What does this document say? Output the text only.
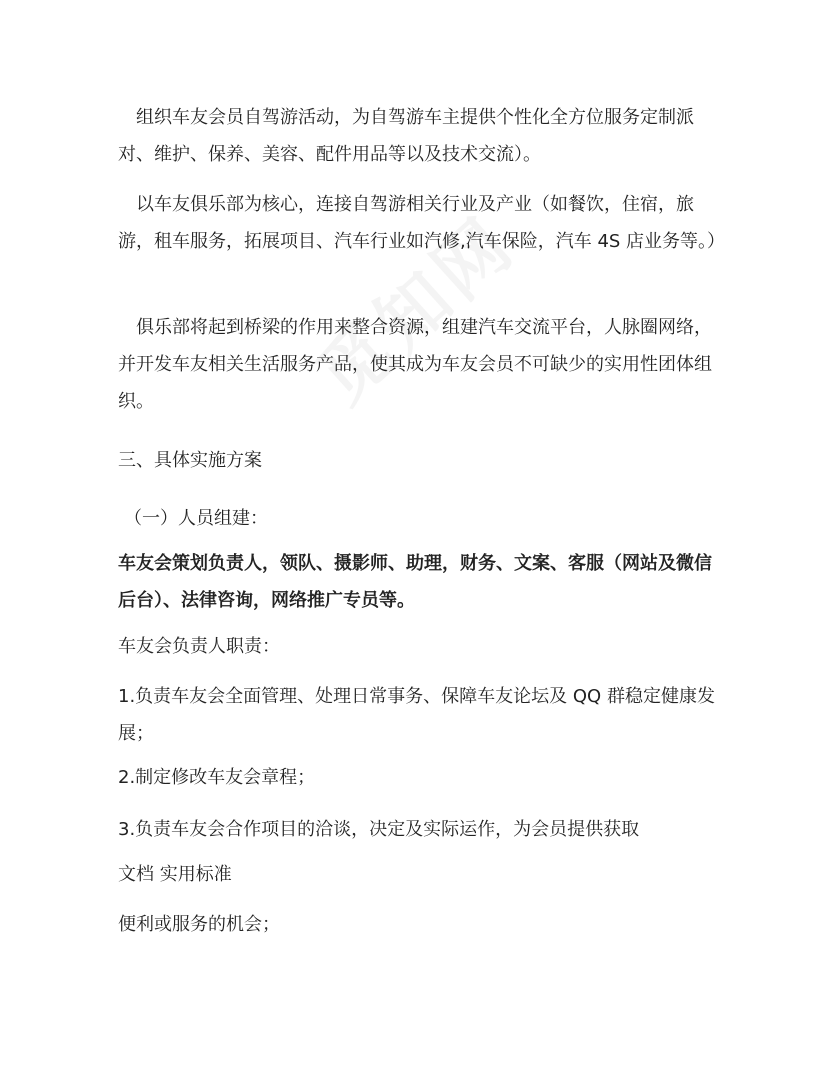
组织车友会员自驾游活动，为自驾游车主提供个性化全方位服务定制派对、维护、保养、美容、配件用品等以及技术交流）。

以车友俱乐部为核心，连接自驾游相关行业及产业（如餐饮，住宿，旅游，租车服务，拓展项目、汽车行业如汽修,汽车保险，汽车 4S 店业务等。）

俱乐部将起到桥梁的作用来整合资源，组建汽车交流平台，人脉圈网络，并开发车友相关生活服务产品，使其成为车友会员不可缺少的实用性团体组织。

三、具体实施方案

（一）人员组建：

车友会策划负责人，领队、摄影师、助理，财务、文案、客服（网站及微信后台）、法律咨询，网络推广专员等。

车友会负责人职责：

1.负责车友会全面管理、处理日常事务、保障车友论坛及 QQ 群稳定健康发展；

2.制定修改车友会章程；

3.负责车友会合作项目的洽谈，决定及实际运作，为会员提供获取

文档 实用标准

便利或服务的机会；
